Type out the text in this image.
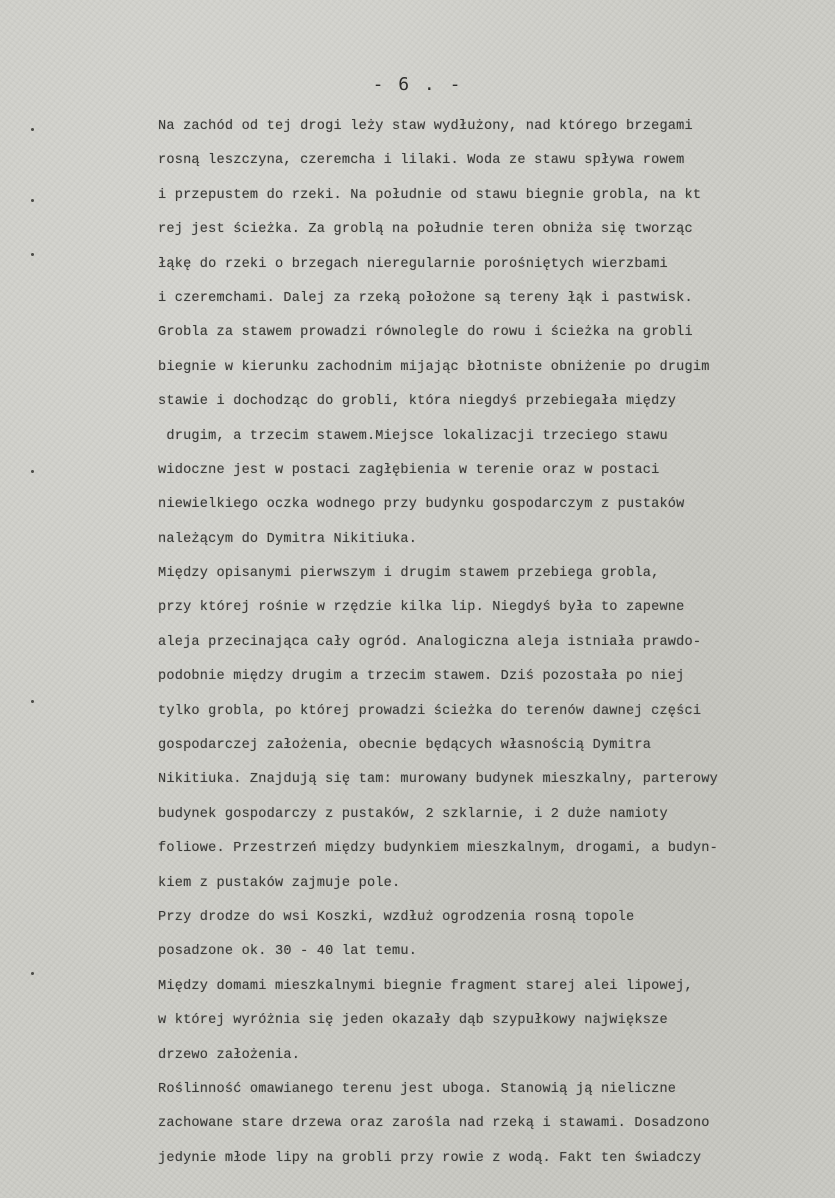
- 6 . -
Na zachód od tej drogi leży staw wydłużony, nad którego brzegami
rosną leszczyna, czeremcha i lilaki. Woda ze stawu spływa rowem
i przepustem do rzeki. Na południe od stawu biegnie grobla, na kt
rej jest ścieżka. Za groblą na południe teren obniża się tworząc
łąkę do rzeki o brzegach nieregularnie porośniętych wierzbami
i czeremchami. Dalej za rzeką położone są tereny łąk i pastwisk.
Grobla za stawem prowadzi równolegle do rowu i ścieżka na grobli
biegnie w kierunku zachodnim mijając błotniste obniżenie po drugim
stawie i dochodząc do grobli, która niegdyś przebiegała między
drugim, a trzecim stawem.Miejsce lokalizacji trzeciego stawu
widoczne jest w postaci zagłębienia w terenie oraz w postaci
niewielkiego oczka wodnego przy budynku gospodarczym z pustaków
należącym do Dymitra Nikitiuka.
Między opisanymi pierwszym i drugim stawem przebiega grobla,
przy której rośnie w rzędzie kilka lip. Niegdyś była to zapewne
aleja przecinająca cały ogród. Analogiczna aleja istniała prawdo-
podobnie między drugim a trzecim stawem. Dziś pozostała po niej
tylko grobla, po której prowadzi ścieżka do terenów dawnej części
gospodarczej założenia, obecnie będących własnością Dymitra
Nikitiuka. Znajdują się tam: murowany budynek mieszkalny, parterowy
budynek gospodarczy z pustaków, 2 szklarnie, i 2 duże namioty
foliowe. Przestrzeń między budynkiem mieszkalnym, drogami, a budyn-
kiem z pustaków zajmuje pole.
Przy drodze do wsi Koszki, wzdłuż ogrodzenia rosną topole
posadzone ok. 30 - 40 lat temu.
Między domami mieszkalnymi biegnie fragment starej alei lipowej,
w której wyróżnia się jeden okazały dąb szypułkowy największe
drzewo założenia.
Roślinność omawianego terenu jest uboga. Stanowią ją nieliczne
zachowane stare drzewa oraz zarośla nad rzeką i stawami. Dosadzono
jedynie młode lipy na grobli przy rowie z wodą. Fakt ten świadczy
